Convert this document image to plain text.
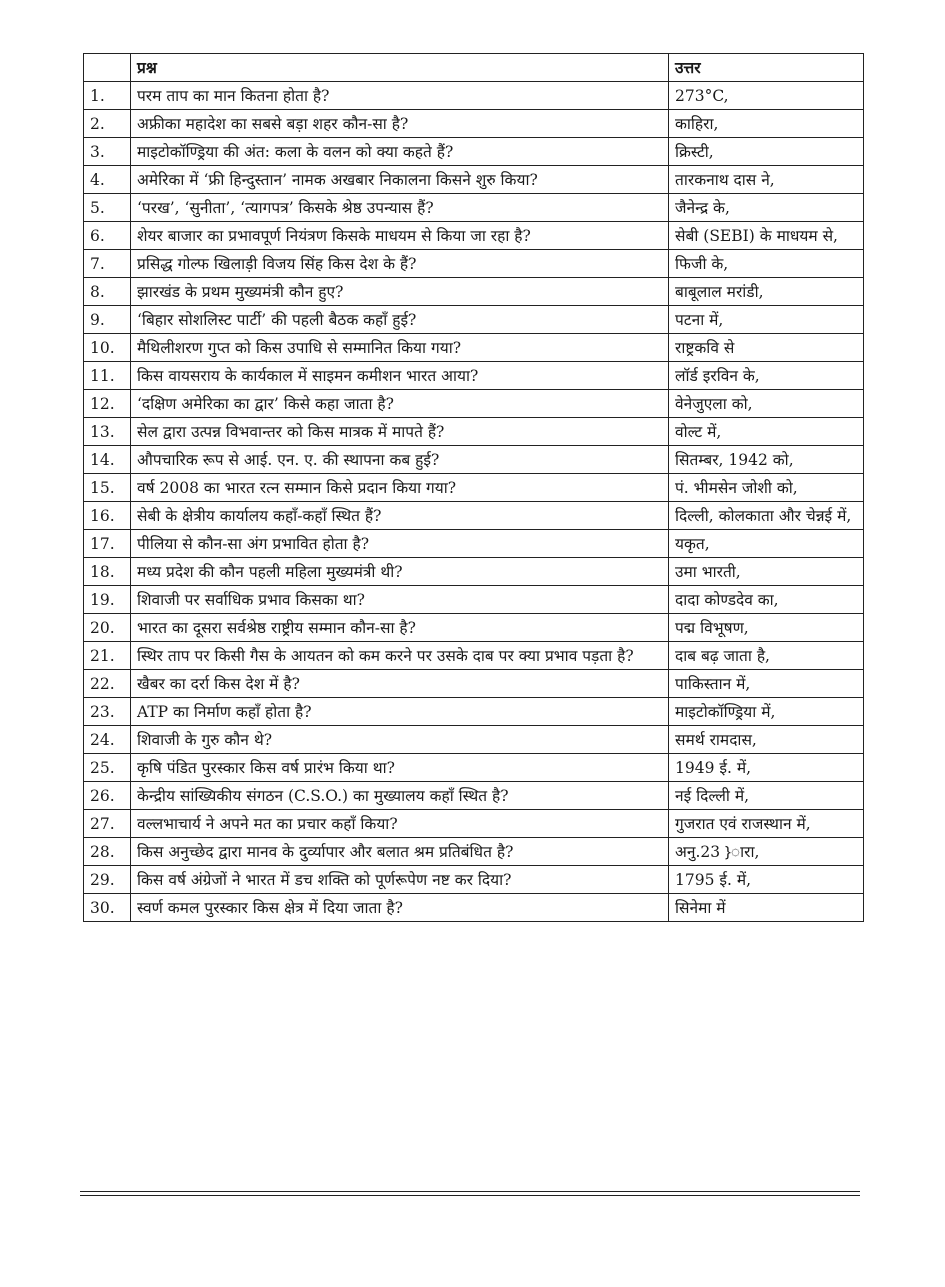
	प्रश्न	उत्तर
1.	परम ताप का मान कितना होता है?	273°C,
2.	अफ्रीका महादेश का सबसे बड़ा शहर कौन-सा है?	काहिरा,
3.	माइटोकॉण्ड्रिया की अंत: कला के वलन को क्या कहते हैं?	क्रिस्टी,
4.	अमेरिका में ‘फ्री हिन्दुस्तान’ नामक अखबार निकालना किसने शुरु किया?	तारकनाथ दास ने,
5.	‘परख’, ‘सुनीता’, ‘त्यागपत्र’ किसके श्रेष्ठ उपन्यास हैं?	जैनेन्द्र के,
6.	शेयर बाजार का प्रभावपूर्ण नियंत्रण किसके माधयम से किया जा रहा है?	सेबी (SEBI) के माधयम से,
7.	प्रसिद्ध गोल्फ खिलाड़ी विजय सिंह किस देश के हैं?	फिजी के,
8.	झारखंड के प्रथम मुख्यमंत्री कौन हुए?	बाबूलाल मरांडी,
9.	‘बिहार सोशलिस्ट पार्टी’ की पहली बैठक कहाँ हुई?	पटना में,
10.	मैथिलीशरण गुप्त को किस उपाधि से सम्मानित किया गया?	राष्ट्रकवि से
11.	किस वायसराय के कार्यकाल में साइमन कमीशन भारत आया?	लॉर्ड इरविन के,
12.	‘दक्षिण अमेरिका का द्वार’ किसे कहा जाता है?	वेनेजुएला को,
13.	सेल द्वारा उत्पन्न विभवान्तर को किस मात्रक में मापते हैं?	वोल्ट में,
14.	औपचारिक रूप से आई. एन. ए. की स्थापना कब हुई?	सितम्बर, 1942 को,
15.	वर्ष 2008 का भारत रत्न सम्मान किसे प्रदान किया गया?	पं. भीमसेन जोशी को,
16.	सेबी के क्षेत्रीय कार्यालय कहाँ-कहाँ स्थित हैं?	दिल्ली, कोलकाता और चेन्नई में,
17.	पीलिया से कौन-सा अंग प्रभावित होता है?	यकृत,
18.	मध्य प्रदेश की कौन पहली महिला मुख्यमंत्री थी?	उमा भारती,
19.	शिवाजी पर सर्वाधिक प्रभाव किसका था?	दादा कोण्डदेव का,
20.	भारत का दूसरा सर्वश्रेष्ठ राष्ट्रीय सम्मान कौन-सा है?	पद्म विभूषण,
21.	स्थिर ताप पर किसी गैस के आयतन को कम करने पर उसके दाब पर क्या प्रभाव पड़ता है?	दाब बढ़ जाता है,
22.	खैबर का दर्रा किस देश में है?	पाकिस्तान में,
23.	ATP का निर्माण कहाँ होता है?	माइटोकॉण्ड्रिया में,
24.	शिवाजी के गुरु कौन थे?	समर्थ रामदास,
25.	कृषि पंडित पुरस्कार किस वर्ष प्रारंभ किया था?	1949 ई. में,
26.	केन्द्रीय सांख्यिकीय संगठन (C.S.O.) का मुख्यालय कहाँ स्थित है?	नई दिल्ली में,
27.	वल्लभाचार्य ने अपने मत का प्रचार कहाँ किया?	गुजरात एवं राजस्थान में,
28.	किस अनुच्छेद द्वारा मानव के दुर्व्यापार और बलात श्रम प्रतिबंधित है?	अनु.23 }ारा,
29.	किस वर्ष अंग्रेजों ने भारत में डच शक्ति को पूर्णरूपेण नष्ट कर दिया?	1795 ई. में,
30.	स्वर्ण कमल पुरस्कार किस क्षेत्र में दिया जाता है?	सिनेमा में
